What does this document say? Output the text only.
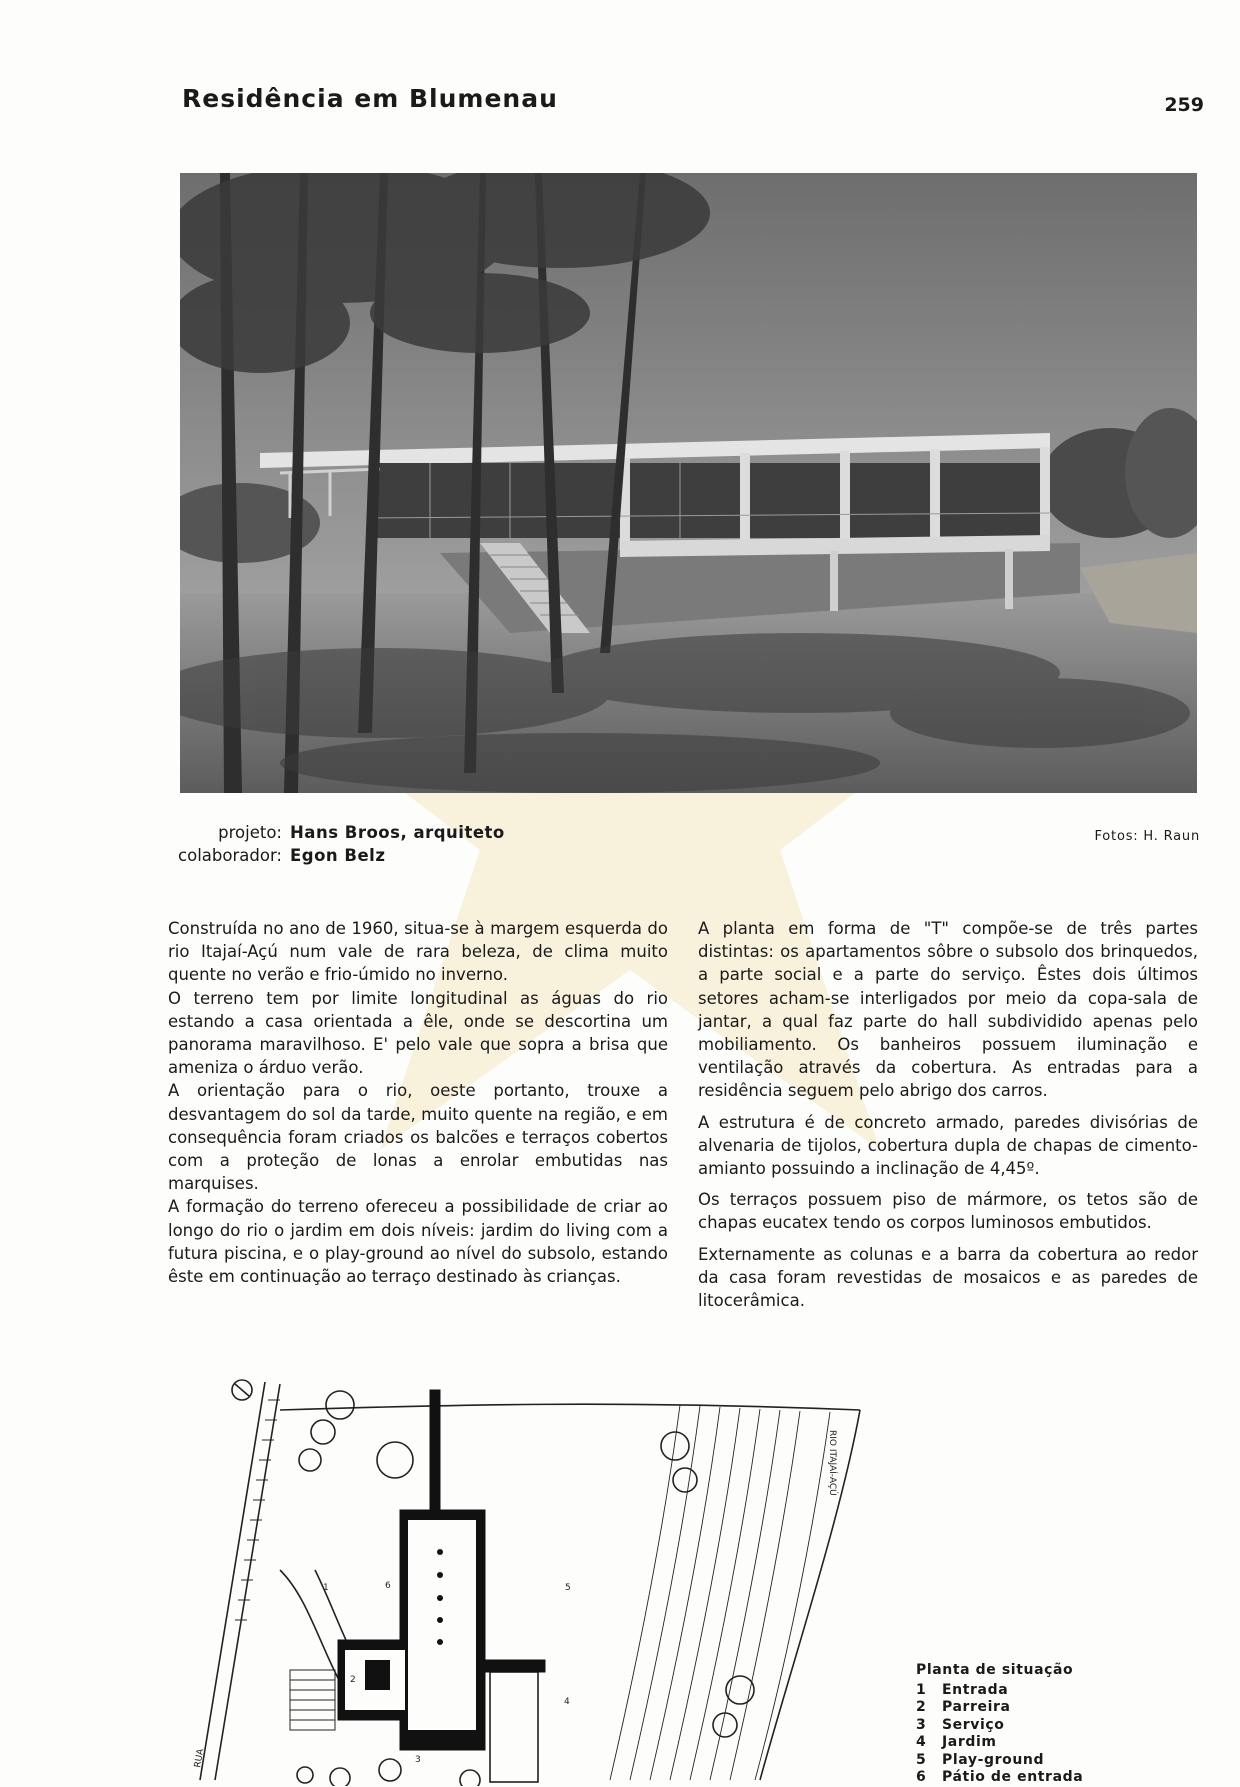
Residência em Blumenau	259
projeto: Hans Broos, arquiteto
colaborador: Egon Belz
Fotos: H. Raun

Construída no ano de 1960, situa-se à margem esquerda do rio Itajaí-Açú num vale de rara beleza, de clima muito quente no verão e frio-úmido no inverno.

O terreno tem por limite longitudinal as águas do rio estando a casa orientada a êle, onde se descortina um panorama maravilhoso. E' pelo vale que sopra a brisa que ameniza o árduo verão.

A orientação para o rio, oeste portanto, trouxe a desvantagem do sol da tarde, muito quente na região, e em consequência foram criados os balcões e terraços cobertos com a proteção de lonas a enrolar embutidas nas marquises.

A formação do terreno ofereceu a possibilidade de criar ao longo do rio o jardim em dois níveis: jardim do living com a futura piscina, e o play-ground ao nível do subsolo, estando êste em continuação ao terraço destinado às crianças.

A planta em forma de "T" compõe-se de três partes distintas: os apartamentos sôbre o subsolo dos brinquedos, a parte social e a parte do serviço. Êstes dois últimos setores acham-se interligados por meio da copa-sala de jantar, a qual faz parte do hall subdividido apenas pelo mobiliamento. Os banheiros possuem iluminação e ventilação através da cobertura. As entradas para a residência seguem pelo abrigo dos carros.

A estrutura é de concreto armado, paredes divisórias de alvenaria de tijolos, cobertura dupla de chapas de cimento-amianto possuindo a inclinação de 4,45º.

Os terraços possuem piso de mármore, os tetos são de chapas eucatex tendo os corpos luminosos embutidos.

Externamente as colunas e a barra da cobertura ao redor da casa foram revestidas de mosaicos e as paredes de litocerâmica.

1
2
3
4
5
6
RIO ITAJAÍ-AÇÚ
RUA
Planta de situação
1	Entrada
2	Parreira
3	Serviço
4	Jardim
5	Play-ground
6	Pátio de entrada
